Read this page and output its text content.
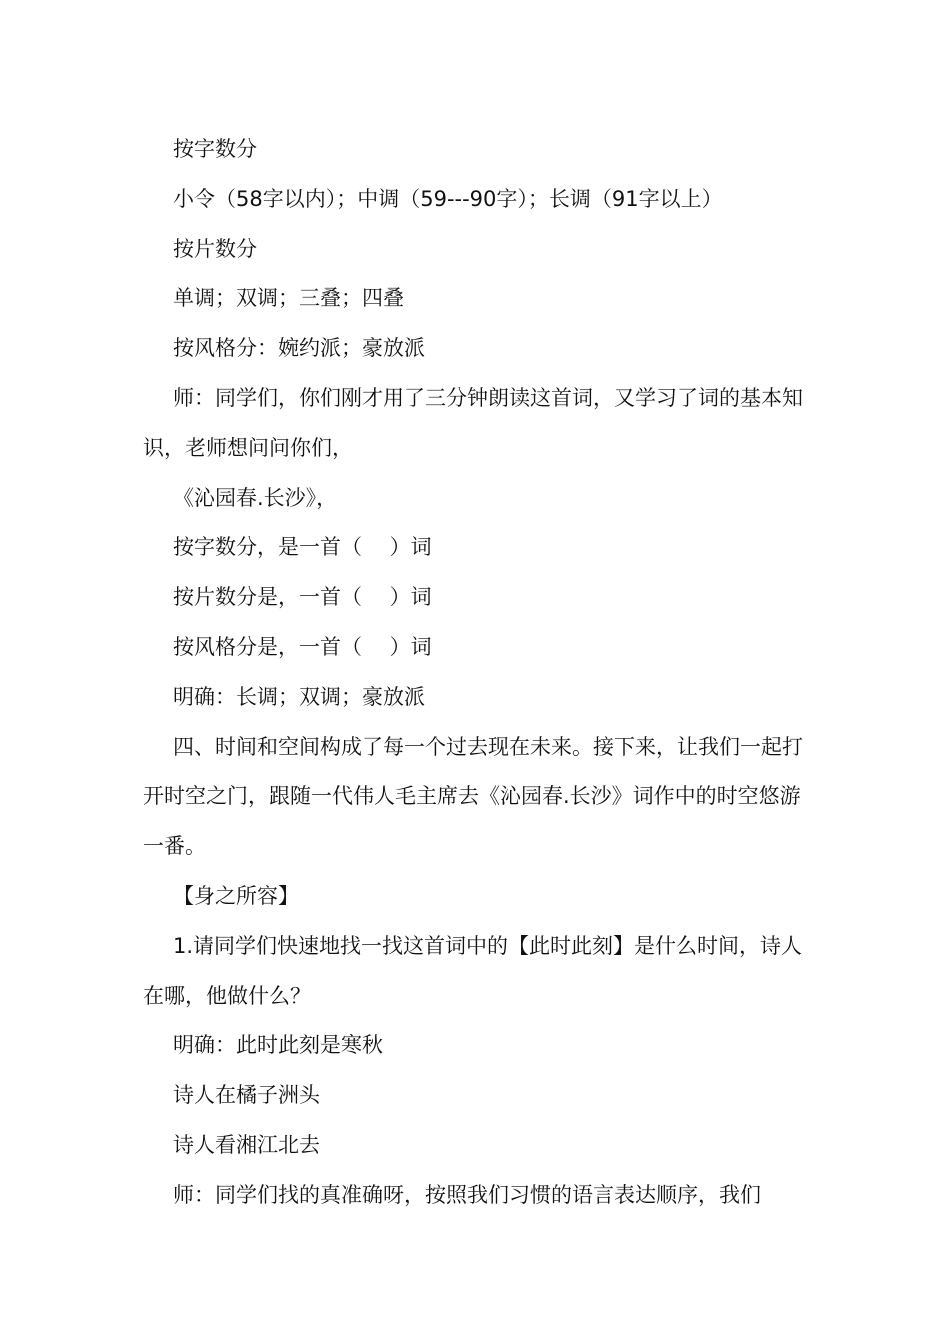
按字数分

小令（58字以内）；中调（59---90字）；长调（91字以上）

按片数分

单调；双调；三叠；四叠

按风格分：婉约派；豪放派

师：同学们，你们刚才用了三分钟朗读这首词，又学习了词的基本知识，老师想问问你们，

《沁园春.长沙》，

按字数分，是一首（　 ）词

按片数分是，一首（　 ）词

按风格分是，一首（　 ）词

明确：长调；双调；豪放派

四、时间和空间构成了每一个过去现在未来。接下来，让我们一起打开时空之门，跟随一代伟人毛主席去《沁园春.长沙》词作中的时空悠游一番。

【身之所容】

1.请同学们快速地找一找这首词中的【此时此刻】是什么时间，诗人在哪，他做什么？

明确：此时此刻是寒秋

诗人在橘子洲头

诗人看湘江北去

师：同学们找的真准确呀，按照我们习惯的语言表达顺序，我们
